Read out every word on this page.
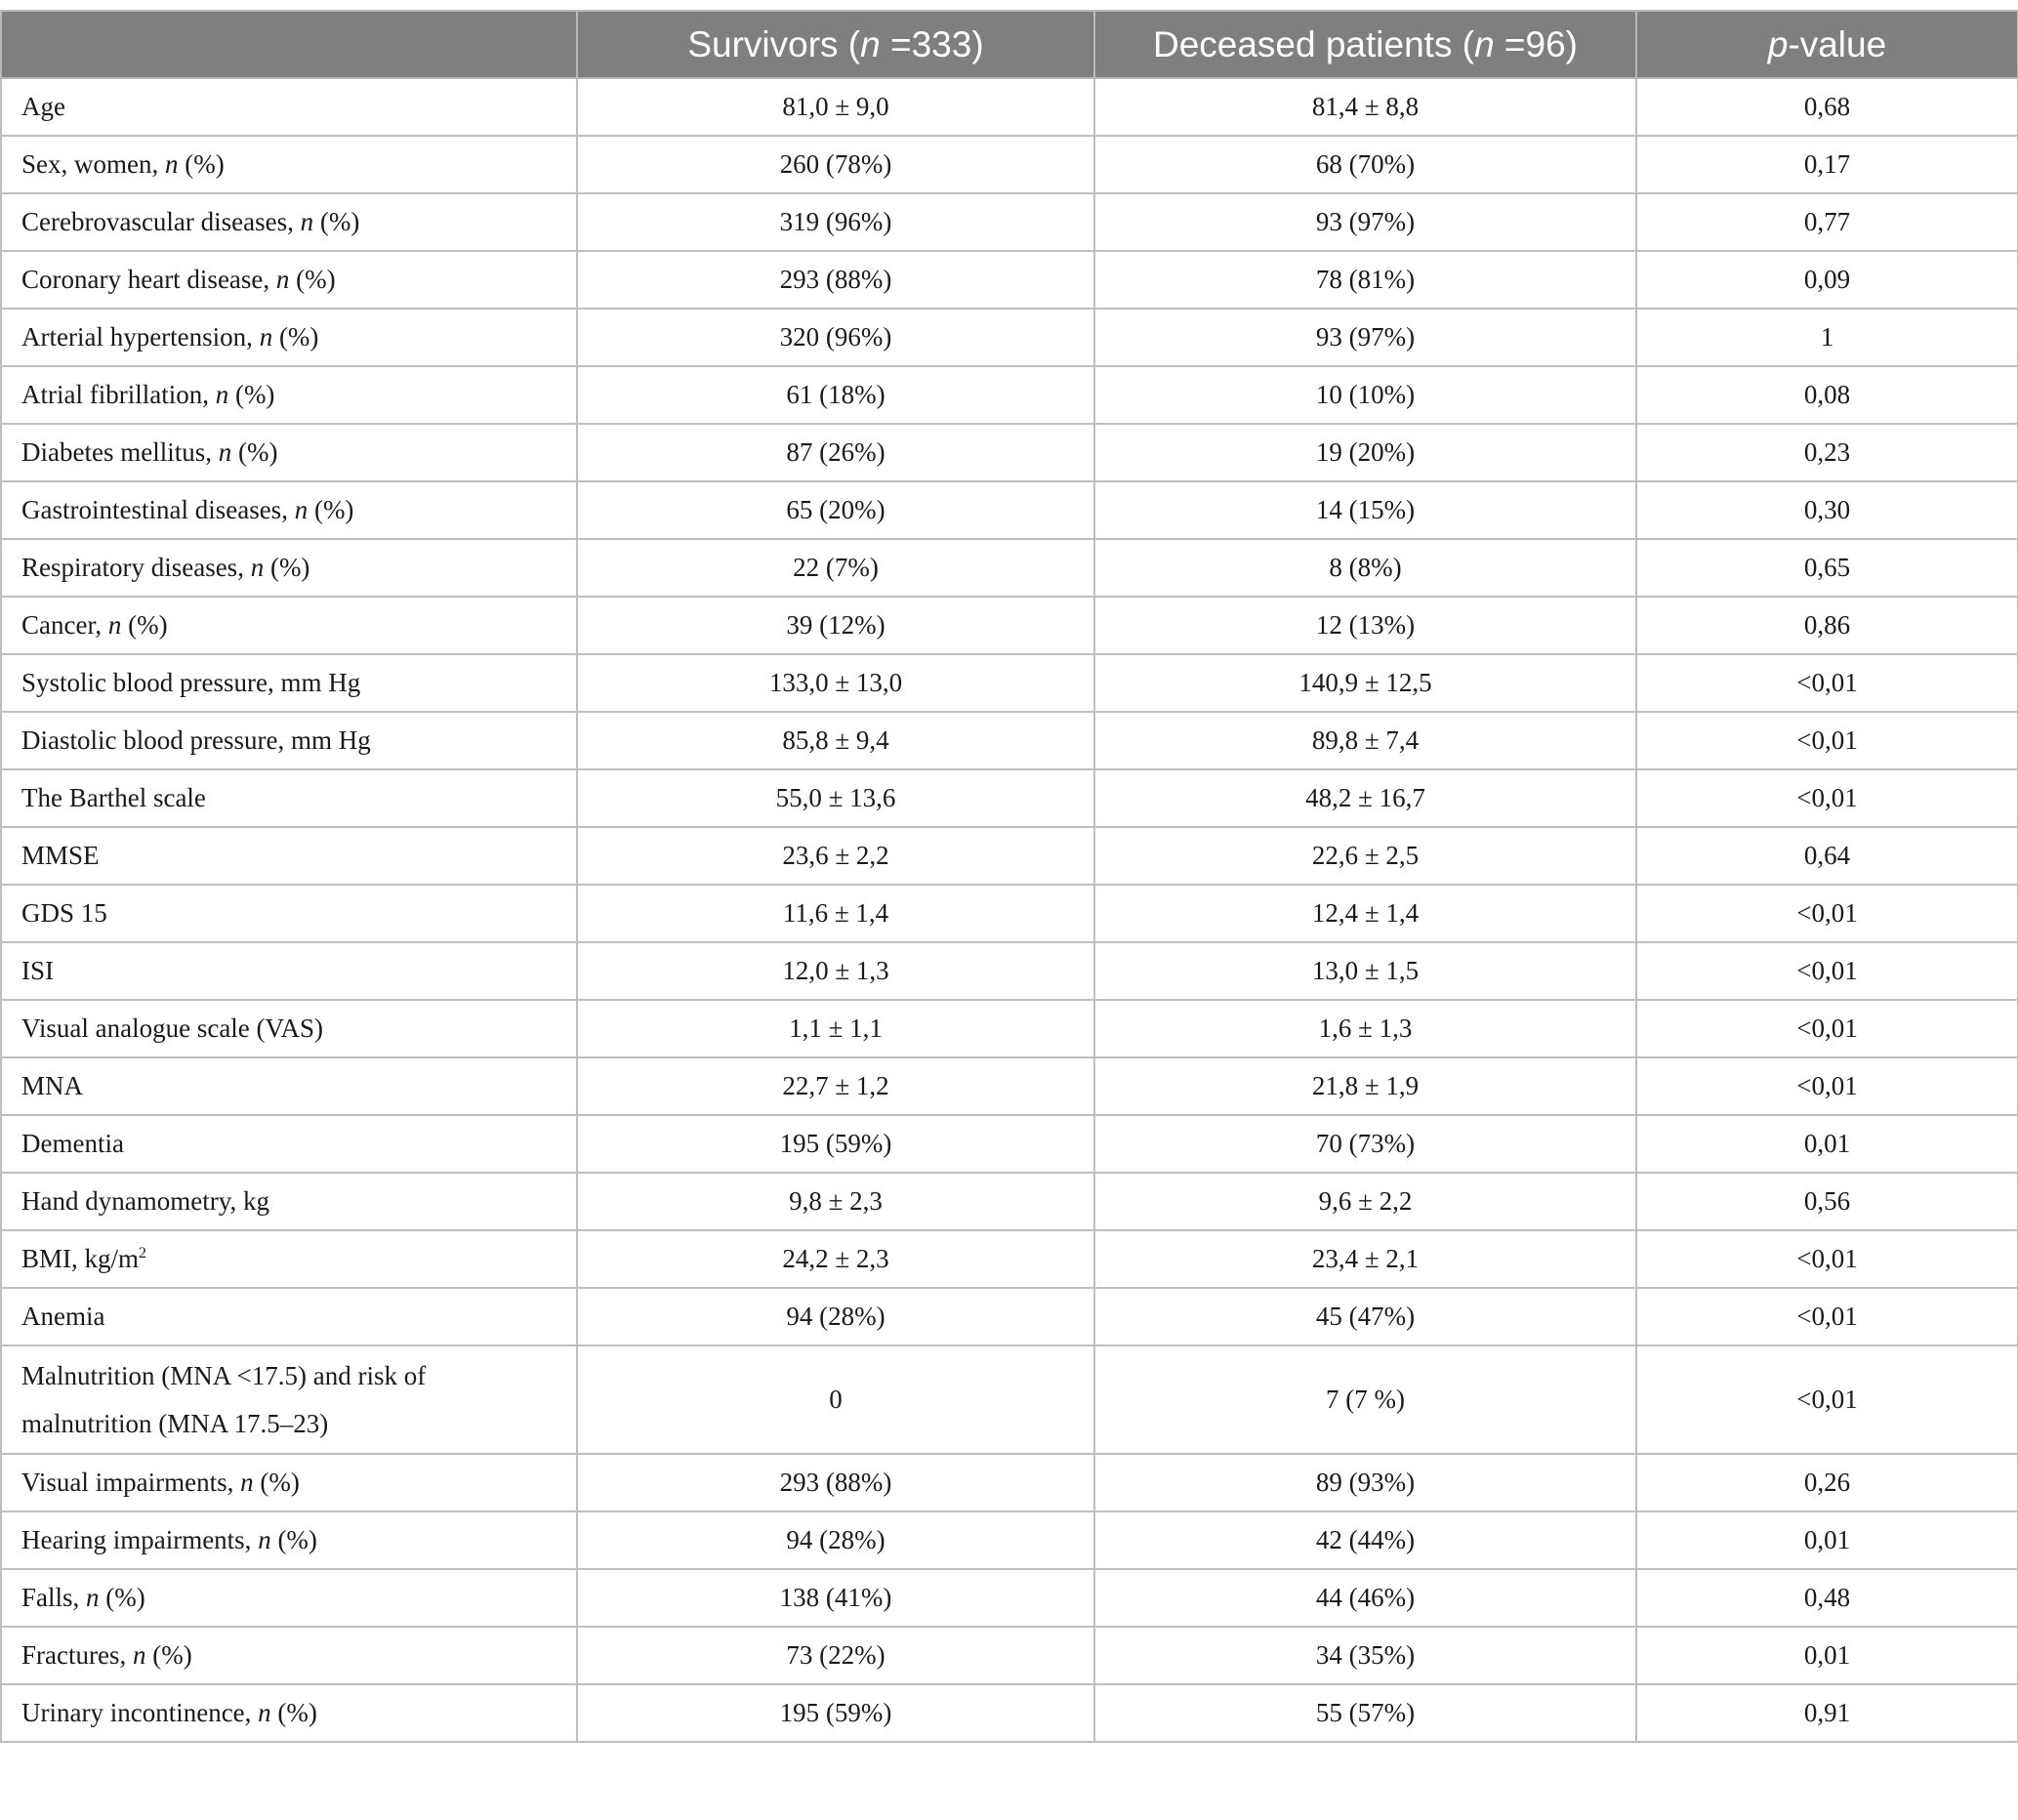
	Survivors (n =333)	Deceased patients (n =96)	p-value
Age	81,0 ± 9,0	81,4 ± 8,8	0,68
Sex, women, n (%)	260 (78%)	68 (70%)	0,17
Cerebrovascular diseases, n (%)	319 (96%)	93 (97%)	0,77
Coronary heart disease, n (%)	293 (88%)	78 (81%)	0,09
Arterial hypertension, n (%)	320 (96%)	93 (97%)	1
Atrial fibrillation, n (%)	61 (18%)	10 (10%)	0,08
Diabetes mellitus, n (%)	87 (26%)	19 (20%)	0,23
Gastrointestinal diseases, n (%)	65 (20%)	14 (15%)	0,30
Respiratory diseases, n (%)	22 (7%)	8 (8%)	0,65
Cancer, n (%)	39 (12%)	12 (13%)	0,86
Systolic blood pressure, mm Hg	133,0 ± 13,0	140,9 ± 12,5	<0,01
Diastolic blood pressure, mm Hg	85,8 ± 9,4	89,8 ± 7,4	<0,01
The Barthel scale	55,0 ± 13,6	48,2 ± 16,7	<0,01
MMSE	23,6 ± 2,2	22,6 ± 2,5	0,64
GDS 15	11,6 ± 1,4	12,4 ± 1,4	<0,01
ISI	12,0 ± 1,3	13,0 ± 1,5	<0,01
Visual analogue scale (VAS)	1,1 ± 1,1	1,6 ± 1,3	<0,01
MNA	22,7 ± 1,2	21,8 ± 1,9	<0,01
Dementia	195 (59%)	70 (73%)	0,01
Hand dynamometry, kg	9,8 ± 2,3	9,6 ± 2,2	0,56
BMI, $kg/m^2$	24,2 ± 2,3	23,4 ± 2,1	<0,01
Anemia	94 (28%)	45 (47%)	<0,01
Malnutrition (MNA <17.5) and risk of
malnutrition (MNA 17.5–23)	0	7 (7 %)	<0,01
Visual impairments, n (%)	293 (88%)	89 (93%)	0,26
Hearing impairments, n (%)	94 (28%)	42 (44%)	0,01
Falls, n (%)	138 (41%)	44 (46%)	0,48
Fractures, n (%)	73 (22%)	34 (35%)	0,01
Urinary incontinence, n (%)	195 (59%)	55 (57%)	0,91
